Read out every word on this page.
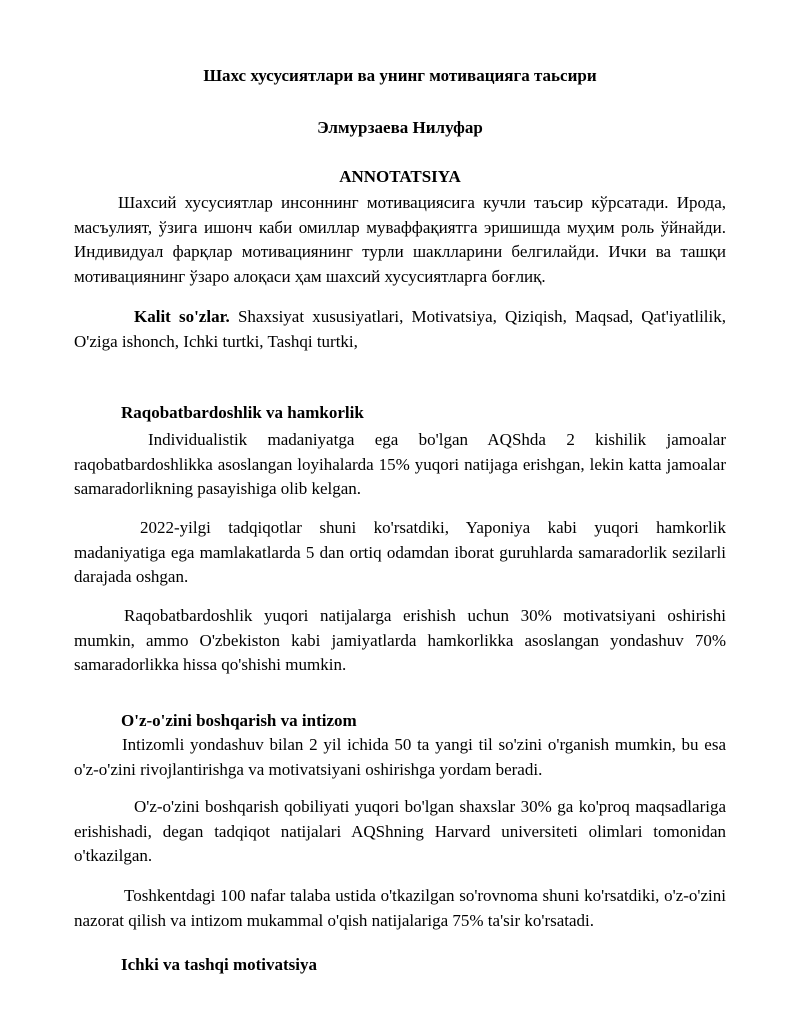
Шахс хусусиятлари ва унинг мотивацияга таьсири
Элмурзаева Нилуфар
ANNOTATSIYA

Шахсий хусусиятлар инсоннинг мотивациясига кучли таъсир кўрсатади. Ирода, масъулият, ўзига ишонч каби омиллар муваффақиятга эришишда муҳим роль ўйнайди. Индивидуал фарқлар мотивациянинг турли шаклларини белгилайди. Ички ва ташқи мотивациянинг ўзаро алоқаси ҳам шахсий хусусиятларга боғлиқ.

Kalit so'zlar. Shaxsiyat xususiyatlari, Motivatsiya, Qiziqish, Maqsad, Qat'iyatlilik, O'ziga ishonch, Ichki turtki, Tashqi turtki,

Raqobatbardoshlik va hamkorlik

Individualistik madaniyatga ega bo'lgan AQShda 2 kishilik jamoalar raqobatbardoshlikka asoslangan loyihalarda 15% yuqori natijaga erishgan, lekin katta jamoalar samaradorlikning pasayishiga olib kelgan.

2022-yilgi tadqiqotlar shuni ko'rsatdiki, Yaponiya kabi yuqori hamkorlik madaniyatiga ega mamlakatlarda 5 dan ortiq odamdan iborat guruhlarda samaradorlik sezilarli darajada oshgan.

Raqobatbardoshlik yuqori natijalarga erishish uchun 30% motivatsiyani oshirishi mumkin, ammo O'zbekiston kabi jamiyatlarda hamkorlikka asoslangan yondashuv 70% samaradorlikka hissa qo'shishi mumkin.

O'z-o'zini boshqarish va intizom

Intizomli yondashuv bilan 2 yil ichida 50 ta yangi til so'zini o'rganish mumkin, bu esa o'z-o'zini rivojlantirishga va motivatsiyani oshirishga yordam beradi.

O'z-o'zini boshqarish qobiliyati yuqori bo'lgan shaxslar 30% ga ko'proq maqsadlariga erishishadi, degan tadqiqot natijalari AQShning Harvard universiteti olimlari tomonidan o'tkazilgan.

Toshkentdagi 100 nafar talaba ustida o'tkazilgan so'rovnoma shuni ko'rsatdiki, o'z-o'zini nazorat qilish va intizom mukammal o'qish natijalariga 75% ta'sir ko'rsatadi.

Ichki va tashqi motivatsiya
